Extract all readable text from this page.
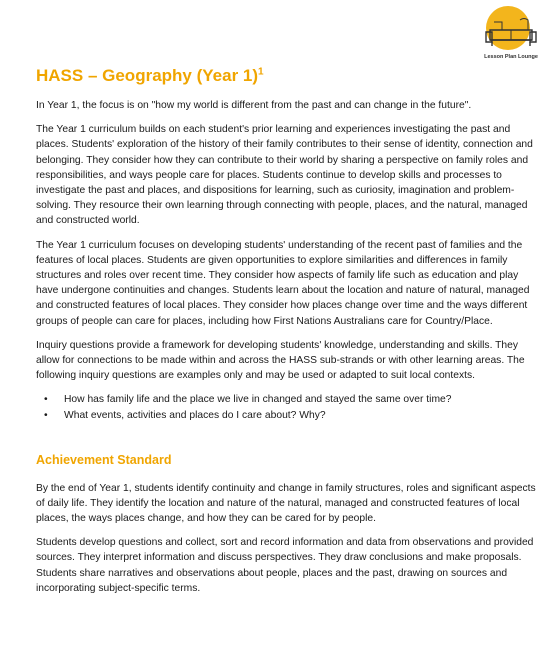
Lesson Plan Lounge
HASS – Geography (Year 1)$^1$

In Year 1, the focus is on "how my world is different from the past and can change in the future".

The Year 1 curriculum builds on each student's prior learning and experiences investigating the past and places. Students' exploration of the history of their family contributes to their sense of identity, connection and belonging. They consider how they can contribute to their world by sharing a perspective on family roles and responsibilities, and ways people care for places. Students continue to develop skills and processes to investigate the past and places, and dispositions for learning, such as curiosity, imagination and problem-solving. They resource their own learning through connecting with people, places, and the natural, managed and constructed world.

The Year 1 curriculum focuses on developing students' understanding of the recent past of families and the features of local places. Students are given opportunities to explore similarities and differences in family structures and roles over recent time. They consider how aspects of family life such as education and play have undergone continuities and changes. Students learn about the location and nature of natural, managed and constructed features of local places. They consider how places change over time and the ways different groups of people can care for places, including how First Nations Australians care for Country/Place.

Inquiry questions provide a framework for developing students' knowledge, understanding and skills. They allow for connections to be made within and across the HASS sub-strands or with other learning areas. The following inquiry questions are examples only and may be used or adapted to suit local contexts.

• How has family life and the place we live in changed and stayed the same over time?
• What events, activities and places do I care about? Why?
Achievement Standard

By the end of Year 1, students identify continuity and change in family structures, roles and significant aspects of daily life. They identify the location and nature of the natural, managed and constructed features of local places, the ways places change, and how they can be cared for by people.

Students develop questions and collect, sort and record information and data from observations and provided sources. They interpret information and discuss perspectives. They draw conclusions and make proposals. Students share narratives and observations about people, places and the past, drawing on sources and incorporating subject-specific terms.
